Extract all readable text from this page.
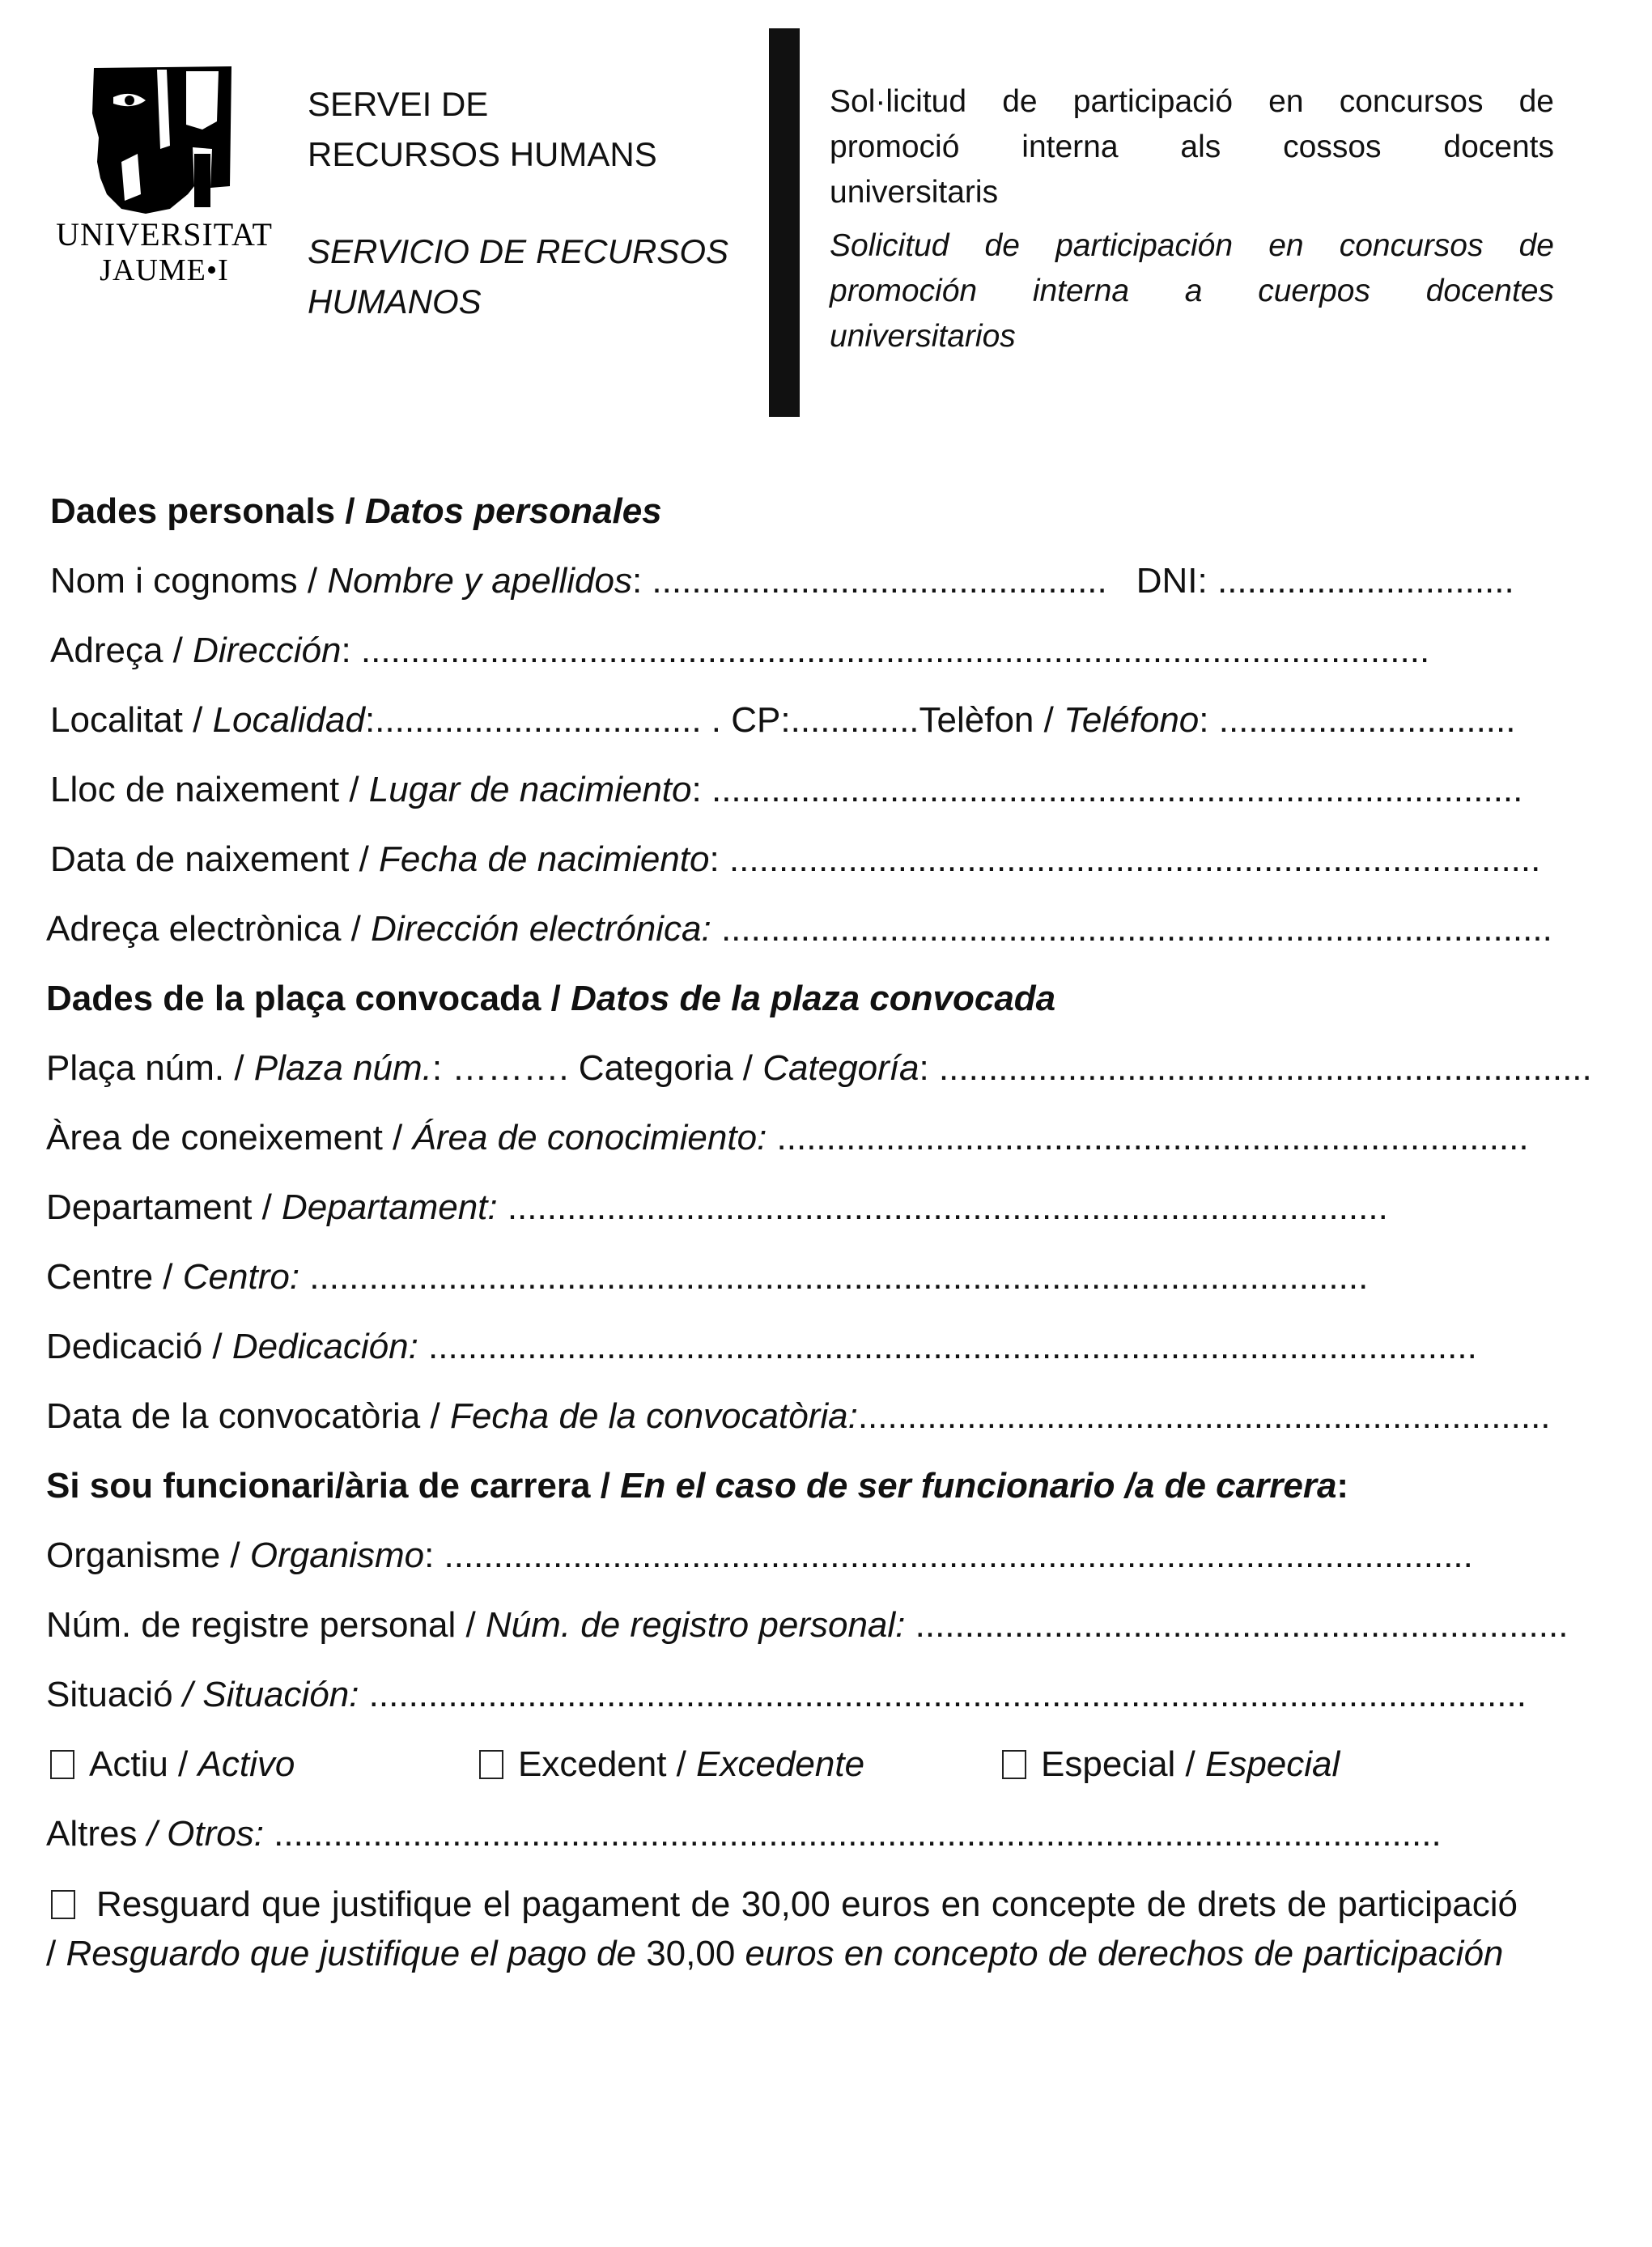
UNIVERSITAT
JAUME•I
SERVEI DE
RECURSOS HUMANS
SERVICIO DE RECURSOS
HUMANOS
Sol·licitud de participació en concursos de
promoció interna als cossos docents
universitaris
Solicitud de participación en concursos de
promoción interna a cuerpos docentes
universitarios
Dades personals / Datos personales
Nom i cognoms / Nombre y apellidos: .............................................. DNI: ..............................
Adreça / Dirección: ............................................................................................................
Localitat / Localidad:................................. . CP:.............Telèfon / Teléfono: ..............................
Lloc de naixement / Lugar de nacimiento: ..................................................................................
Data de naixement / Fecha de nacimiento: ..................................................................................
Adreça electrònica / Dirección electrónica: ....................................................................................
Dades de la plaça convocada / Datos de la plaza convocada
Plaça núm. / Plaza núm.: ………. Categoria / Categoría: ..................................................................
Àrea de coneixement / Área de conocimiento: ............................................................................
Departament / Departament: .........................................................................................
Centre / Centro: ...........................................................................................................
Dedicació / Dedicación: ..........................................................................................................
Data de la convocatòria / Fecha de la convocatòria:......................................................................
Si sou funcionari/ària de carrera / En el caso de ser funcionario /a de carrera:
Organisme / Organismo: ........................................................................................................
Núm. de registre personal / Núm. de registro personal: ..................................................................
Situació / Situación: .....................................................................................................................
Actiu / Activo	Excedent / Excedente	Especial / Especial
Altres / Otros: ......................................................................................................................
Resguard que justifique el pagament de 30,00 euros en concepte de drets de participació / Resguardo que justifique el pago de 30,00 euros en concepto de derechos de participación
